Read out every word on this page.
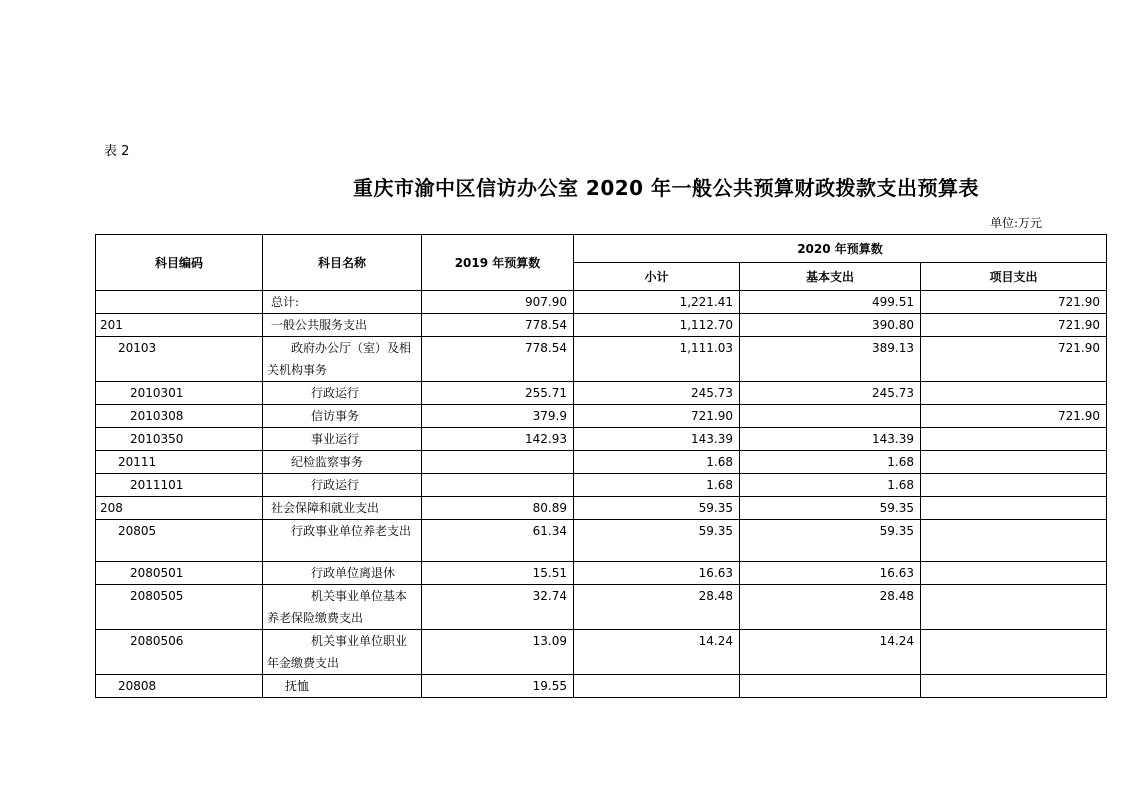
表 2
重庆市渝中区信访办公室 2020 年一般公共预算财政拨款支出预算表
单位:万元
科目编码	科目名称	2019 年预算数	2020 年预算数		
			小计	基本支出	项目支出
	总计:	907.90	1,221.41	499.51	721.90
201	一般公共服务支出	778.54	1,112.70	390.80	721.90
20103	政府办公厅（室）及相关机构事务	778.54	1,111.03	389.13	721.90
2010301	行政运行	255.71	245.73	245.73	
2010308	信访事务	379.9	721.90		721.90
2010350	事业运行	142.93	143.39	143.39	
20111	纪检监察事务		1.68	1.68	
2011101	行政运行		1.68	1.68	
208	社会保障和就业支出	80.89	59.35	59.35	
20805	行政事业单位养老支出	61.34	59.35	59.35	
2080501	行政单位离退休	15.51	16.63	16.63	
2080505	机关事业单位基本养老保险缴费支出	32.74	28.48	28.48	
2080506	机关事业单位职业年金缴费支出	13.09	14.24	14.24	
20808	抚恤	19.55			
